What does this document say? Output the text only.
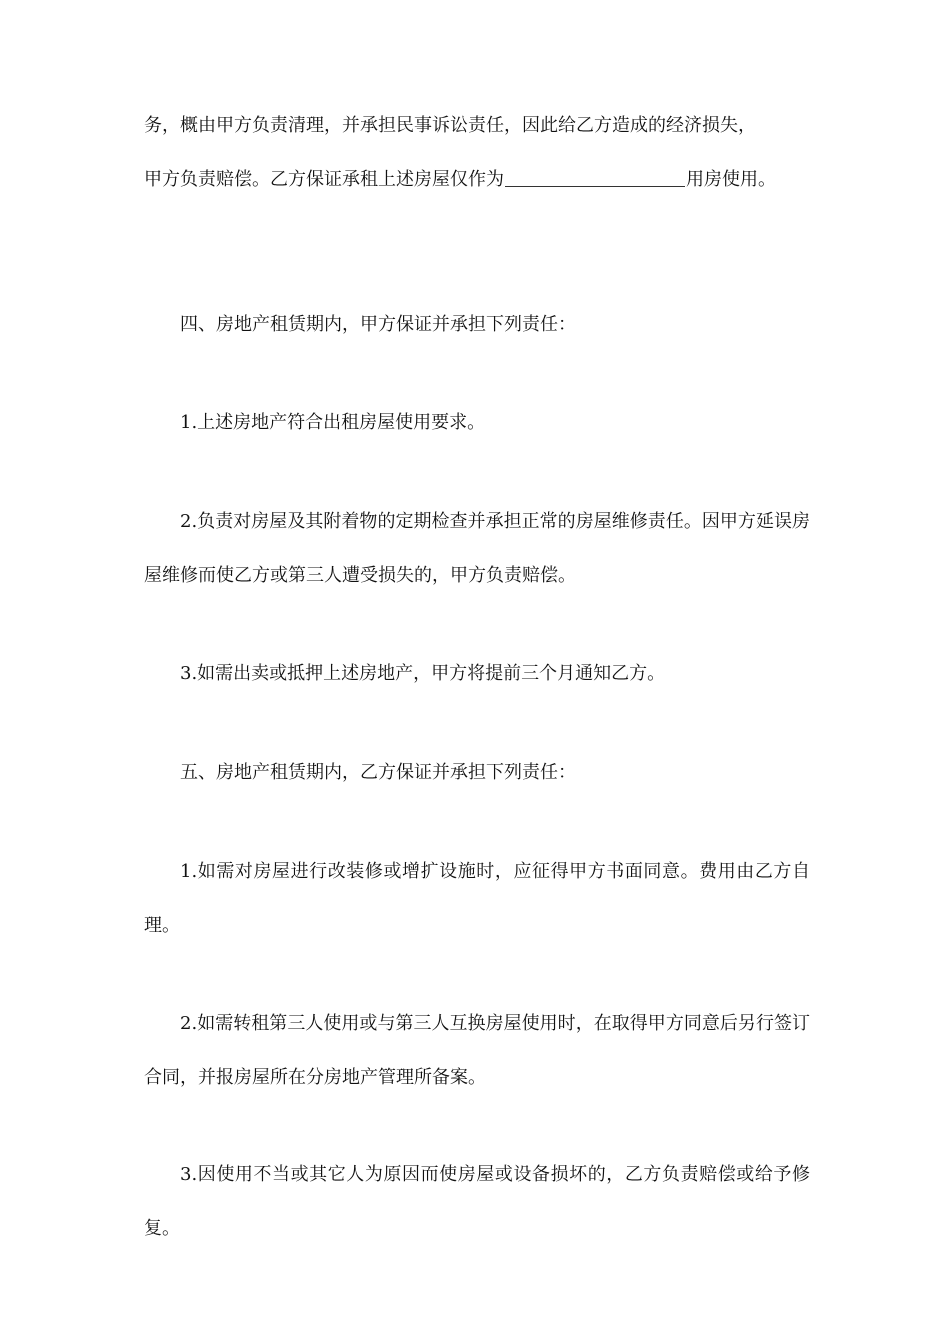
务，概由甲方负责清理，并承担民事诉讼责任，因此给乙方造成的经济损失，
甲方负责赔偿。乙方保证承租上述房屋仅作为	用房使用。
四、房地产租赁期内，甲方保证并承担下列责任：
1.上述房地产符合出租房屋使用要求。
2.负责对房屋及其附着物的定期检查并承担正常的房屋维修责任。因甲方延误房屋维修而使乙方或第三人遭受损失的，甲方负责赔偿。
3.如需出卖或抵押上述房地产，甲方将提前三个月通知乙方。
五、房地产租赁期内，乙方保证并承担下列责任：
1.如需对房屋进行改装修或增扩设施时，应征得甲方书面同意。费用由乙方自理。
2.如需转租第三人使用或与第三人互换房屋使用时，在取得甲方同意后另行签订合同，并报房屋所在分房地产管理所备案。
3.因使用不当或其它人为原因而使房屋或设备损坏的，乙方负责赔偿或给予修复。
